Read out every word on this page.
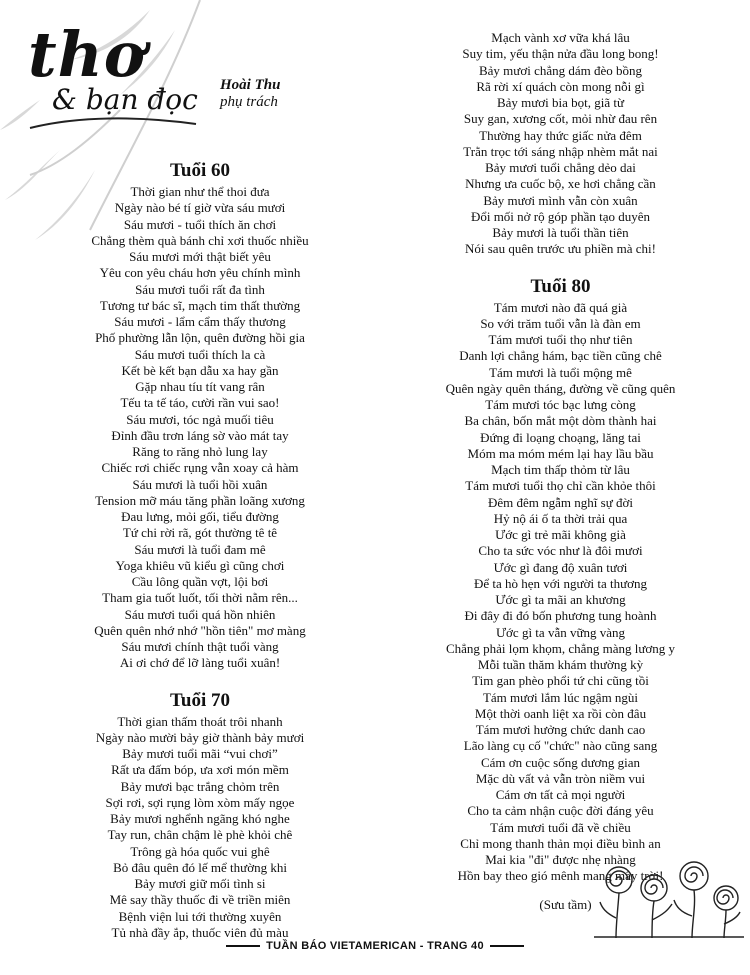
thơ
& bạn đọc Hoài Thu
phụ trách
Tuổi 60
Thời gian như thể thoi đưa
Ngày nào bé tí giờ vừa sáu mươi
Sáu mươi - tuổi thích ăn chơi
Chẳng thèm quà bánh chỉ xơi thuốc nhiều
Sáu mươi mới thật biết yêu
Yêu con yêu cháu hơn yêu chính mình
Sáu mươi tuổi rất đa tình
Tương tư bác sĩ, mạch tim thất thường
Sáu mươi - lẩm cẩm thấy thương
Phố phường lẫn lộn, quên đường hồi gia
Sáu mươi tuổi thích la cà
Kết bè kết bạn dẫu xa hay gần
Gặp nhau tíu tít vang rân
Tếu ta tế táo, cười rần vui sao!
Sáu mươi, tóc ngả muối tiêu
Đỉnh đầu trơn láng sờ vào mát tay
Răng to răng nhỏ lung lay
Chiếc rơi chiếc rụng vẫn xoay cả hàm
Sáu mươi là tuổi hồi xuân
Tension mỡ máu tăng phần loãng xương
Đau lưng, mỏi gối, tiểu đường
Tứ chi rời rã, gót thường tê tê
Sáu mươi là tuổi đam mê
Yoga khiêu vũ kiểu gì cũng chơi
Cầu lông quần vợt, lội bơi
Tham gia tuốt luốt, tối thời nằm rên...
Sáu mươi tuổi quá hồn nhiên
Quên quên nhớ nhớ "hồn tiên" mơ màng
Sáu mươi chính thật tuổi vàng
Ai ơi chớ để lỡ làng tuổi xuân!
Tuổi 70
Thời gian thấm thoát trôi nhanh
Ngày nào mười bảy giờ thành bảy mươi
Bảy mươi tuổi mãi “vui chơi”
Rất ưa đấm bóp, ưa xơi món mềm
Bảy mươi bạc trắng chỏm trên
Sợi rơi, sợi rụng lòm xòm mấy ngọe
Bảy mươi nghểnh ngãng khó nghe
Tay run, chân chậm lè phè khỏi chê
Trông gà hóa quốc vui ghê
Bỏ đâu quên đó lế mể thường khi
Bảy mươi giữ mối tình si
Mê say thầy thuốc đi về triền miên
Bệnh viện lui tới thường xuyên
Tủ nhà đầy ắp, thuốc viên đủ màu
Mạch vành xơ vữa khá lâu
Suy tim, yếu thận nửa đầu long bong!
Bảy mươi chẳng dám đèo bồng
Rã rời xí quách còn mong nỗi gì
Bảy mươi bia bọt, giã từ
Suy gan, xương cốt, mỏi nhừ đau rên
Thường hay thức giấc nửa đêm
Trằn trọc tới sáng nhập nhèm mắt nai
Bảy mươi tuổi chẳng dẻo dai
Nhưng ưa cuốc bộ, xe hơi chẳng cần
Bảy mươi mình vẫn còn xuân
Đổi mối nở rộ góp phần tạo duyên
Bảy mươi là tuổi thần tiên
Nói sau quên trước ưu phiền mà chi!
Tuổi 80
Tám mươi nào đã quá già
So với trăm tuổi vẫn là đàn em
Tám mươi tuổi thọ như tiên
Danh lợi chẳng hám, bạc tiền cũng chê
Tám mươi là tuổi mộng mê
Quên ngày quên tháng, đường về cũng quên
Tám mươi tóc bạc lưng còng
Ba chân, bốn mắt một dòm thành hai
Đứng đi loạng choạng, lăng tai
Móm ma móm mém lại hay lầu bầu
Mạch tim thấp thỏm từ lâu
Tám mươi tuổi thọ chỉ cần khỏe thôi
Đêm đêm ngẫm nghĩ sự đời
Hỷ nộ ái ố ta thời trải qua
Ước gì trẻ mãi không già
Cho ta sức vóc như là đôi mươi
Ước gì đang độ xuân tươi
Để ta hò hẹn với người ta thương
Ước gì ta mãi an khương
Đi đây đi đó bốn phương tung hoành
Ước gì ta vẫn vững vàng
Chẳng phải lọm khọm, chẳng màng lương y
Mỗi tuần thăm khám thường kỳ
Tim gan phèo phổi tứ chi cũng tồi
Tám mươi lắm lúc ngậm ngùi
Một thời oanh liệt xa rồi còn đâu
Tám mươi hưởng chức danh cao
Lão làng cụ cố "chức" nào cũng sang
Cám ơn cuộc sống dương gian
Mặc dù vất vả vẫn tròn niềm vui
Cám ơn tất cả mọi người
Cho ta cảm nhận cuộc đời đáng yêu
Tám mươi tuổi đã về chiều
Chỉ mong thanh thản mọi điều bình an
Mai kia "đi" được nhẹ nhàng
Hồn bay theo gió mênh mang mây trời!
(Sưu tầm)
TUẦN BÁO VIETAMERICAN - TRANG 40
